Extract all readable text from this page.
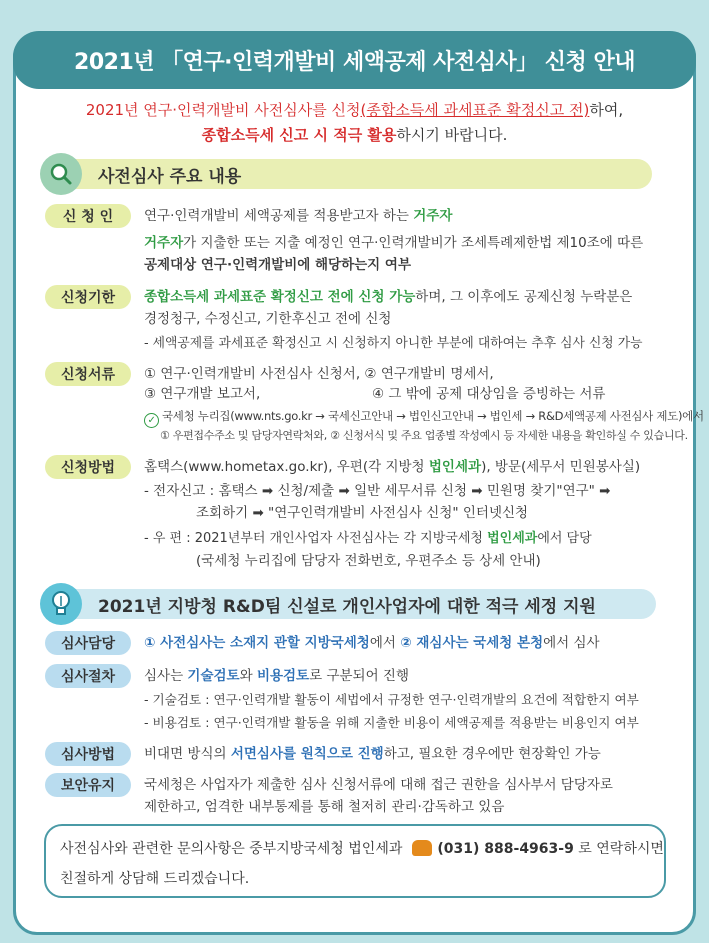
2021년 「연구·인력개발비 세액공제 사전심사」 신청 안내
2021년 연구·인력개발비 사전심사를 신청(종합소득세 과세표준 확정신고 전)하여,
종합소득세 신고 시 적극 활용하시기 바랍니다.
사전심사 주요 내용
신 청 인 연구·인력개발비 세액공제를 적용받고자 하는 거주자
거주자가 지출한 또는 지출 예정인 연구·인력개발비가 조세특례제한법 제10조에 따른
공제대상 연구·인력개발비에 해당하는지 여부
신청기한 종합소득세 과세표준 확정신고 전에 신청 가능하며, 그 이후에도 공제신청 누락분은
경정청구, 수정신고, 기한후신고 전에 신청
- 세액공제를 과세표준 확정신고 시 신청하지 아니한 부분에 대하여는 추후 심사 신청 가능
신청서류 ① 연구·인력개발비 사전심사 신청서, ② 연구개발비 명세서,
③ 연구개발 보고서,	④ 그 밖에 공제 대상임을 증빙하는 서류
✓ 국세청 누리집(www.nts.go.kr → 국세신고안내 → 법인신고안내 → 법인세 → R&D세액공제 사전심사 제도)에서
① 우편접수주소 및 담당자연락처와, ② 신청서식 및 주요 업종별 작성예시 등 자세한 내용을 확인하실 수 있습니다.
신청방법 홈택스(www.hometax.go.kr), 우편(각 지방청 법인세과), 방문(세무서 민원봉사실)
- 전자신고 : 홈택스 ➡ 신청/제출 ➡ 일반 세무서류 신청 ➡ 민원명 찾기"연구" ➡
조회하기 ➡ "연구인력개발비 사전심사 신청" 인터넷신청
- 우 편 : 2021년부터 개인사업자 사전심사는 각 지방국세청 법인세과에서 담당
(국세청 누리집에 담당자 전화번호, 우편주소 등 상세 안내)
2021년 지방청 R&D팀 신설로 개인사업자에 대한 적극 세정 지원
심사담당 ① 사전심사는 소재지 관할 지방국세청에서 ② 재심사는 국세청 본청에서 심사
심사절차 심사는 기술검토와 비용검토로 구분되어 진행
- 기술검토 : 연구·인력개발 활동이 세법에서 규정한 연구·인력개발의 요건에 적합한지 여부
- 비용검토 : 연구·인력개발 활동을 위해 지출한 비용이 세액공제를 적용받는 비용인지 여부
심사방법 비대면 방식의 서면심사를 원칙으로 진행하고, 필요한 경우에만 현장확인 가능
보안유지 국세청은 사업자가 제출한 심사 신청서류에 대해 접근 권한을 심사부서 담당자로
제한하고, 엄격한 내부통제를 통해 철저히 관리·감독하고 있음
사전심사와 관련한 문의사항은 중부지방국세청 법인세과	(031) 888-4963-9 로 연락하시면
친절하게 상담해 드리겠습니다.
